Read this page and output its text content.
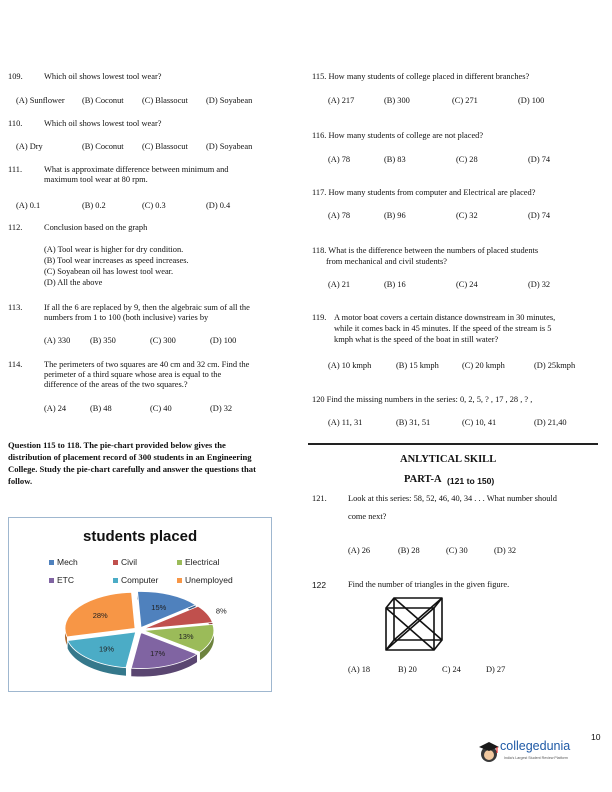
109.	Which oil shows lowest tool wear?
(A) Sunflower (B) Coconut (C) Blassocut (D) Soyabean
110.	Which oil shows lowest tool wear?
(A) Dry	(B) Coconut (C) Blassocut (D) Soyabean
111.	What is approximate difference between minimum and
maximum tool wear at 80 rpm.
(A) 0.1	(B) 0.2	(C) 0.3	(D) 0.4
112.	Conclusion based on the graph
(A) Tool wear is higher for dry condition.
(B) Tool wear increases as speed increases.
(C) Soyabean oil has lowest tool wear.
(D) All the above
113.	If all the 6 are replaced by 9, then the algebraic sum of all the
numbers from 1 to 100 (both inclusive) varies by
(A) 330 (B) 350	(C) 300	(D) 100
114.	The perimeters of two squares are 40 cm and 32 cm. Find the
perimeter of a third square whose area is equal to the
difference of the areas of the two squares.?
(A) 24	(B) 48	(C) 40	(D) 32
Question 115 to 118. The pie-chart provided below gives the
distribution of placement record of 300 students in an Engineering
College. Study the pie-chart carefully and answer the questions that
follow.
students placed
Mech	Civil	Electrical
ETC	Computer	Unemployed
15%	8%
13%
17%
19%
28%
115. How many students of college placed in different branches?
(A) 217	(B) 300	(C) 271	(D) 100
116. How many students of college are not placed?
(A) 78	(B) 83	(C) 28	(D) 74
117. How many students from computer and Electrical are placed?
(A) 78	(B) 96	(C) 32	(D) 74
118. What is the difference between the numbers of placed students
from mechanical and civil students?
(A) 21	(B) 16	(C) 24	(D) 32
119. A motor boat covers a certain distance downstream in 30 minutes,
while it comes back in 45 minutes. If the speed of the stream is 5
kmph what is the speed of the boat in still water?
(A) 10 kmph	(B) 15 kmph	(C) 20 kmph	(D) 25kmph
120 Find the missing numbers in the series: 0, 2, 5, ? , 17 , 28 , ? ,
(A) 11, 31	(B) 31, 51	(C) 10, 41	(D) 21,40
ANLYTICAL SKILL
PART-A (121 to 150)
121.	Look at this series: 58, 52, 46, 40, 34 . . . What number should
come next?
(A) 26	(B) 28	(C) 30	(D) 32
122	Find the number of triangles in the given figure.
(A) 18	B) 20	C) 24	D) 27
10
collegedunia
India's Largest Student Review Platform
